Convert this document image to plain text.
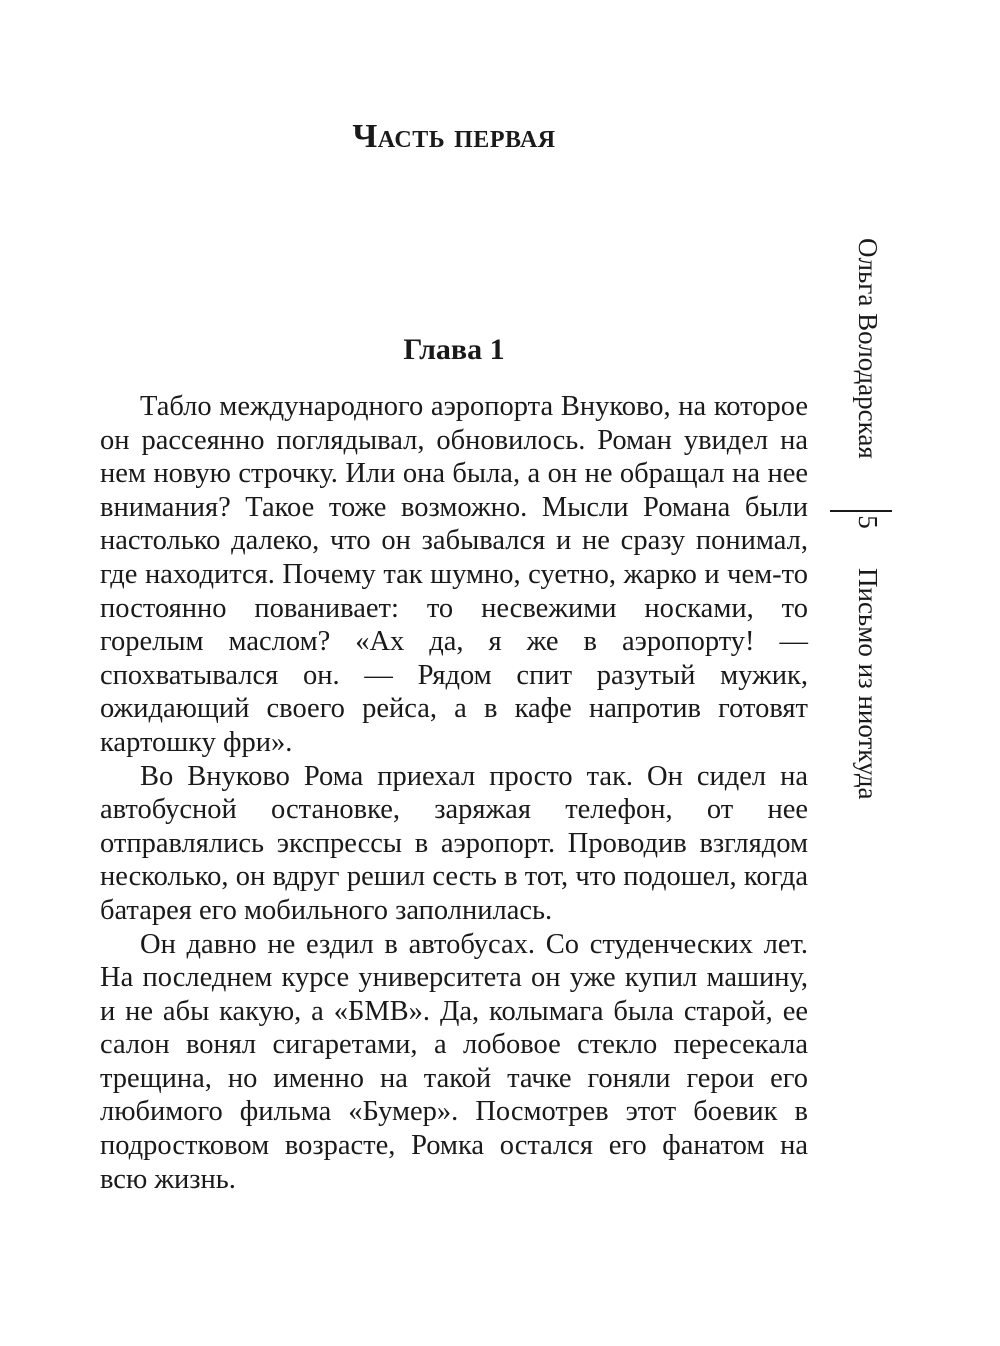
Часть первая
Глава 1

Табло международного аэропорта Внуково, на которое он рассеянно поглядывал, обновилось. Роман увидел на нем новую строчку. Или она была, а он не обращал на нее внимания? Такое тоже возможно. Мысли Романа были настолько далеко, что он забывался и не сразу понимал, где находится. Почему так шумно, суетно, жарко и чем-то постоянно пованивает: то несвежими носками, то горелым маслом? «Ах да, я же в аэропорту! — спохватывался он. — Рядом спит разутый мужик, ожидающий своего рейса, а в кафе напротив готовят картошку фри».

Во Внуково Рома приехал просто так. Он сидел на автобусной остановке, заряжая телефон, от нее отправлялись экспрессы в аэропорт. Проводив взглядом несколько, он вдруг решил сесть в тот, что подошел, когда батарея его мобильного заполнилась.

Он давно не ездил в автобусах. Со студенческих лет. На последнем курсе университета он уже купил машину, и не абы какую, а «БМВ». Да, колымага была старой, ее салон вонял сигаретами, а лобовое стекло пересекала трещина, но именно на такой тачке гоняли герои его любимого фильма «Бумер». Посмотрев этот боевик в подростковом возрасте, Ромка остался его фанатом на всю жизнь.

Ольга Володарская
5
Письмо из ниоткуда
